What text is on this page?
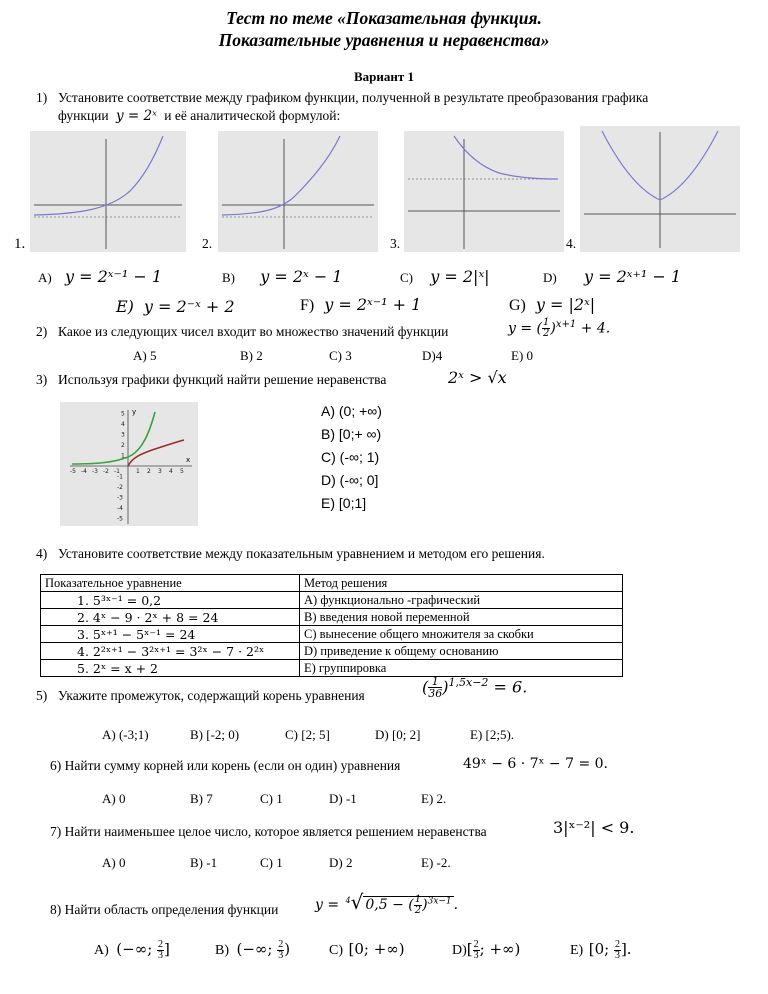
Тест по теме «Показательная функция.
Показательные уравнения и неравенства»
Вариант 1
1) Установите соответствие между графиком функции, полученной в результате преобразования графика
функции y = 2ˣ и её аналитической формулой:
1.	2.	3.	4.
A) y = 2ˣ⁻¹ − 1	B) y = 2ˣ − 1	C) y = 2|ˣ|	D) y = 2ˣ⁺¹ − 1
E) y = 2⁻ˣ + 2	F) y = 2ˣ⁻¹ + 1	G) y = |2ˣ|
2) Какое из следующих чисел входит во множество значений функции	y = ( $\frac{1}{2} )^{x+1} + 4$.
A) 5	B) 2	C) 3	D)4	E) 0
3) Используя графики функций найти решение неравенства	2ˣ > √x
y
x
-5 -4 -3 -2 -1	1 2 3 4 5
5
4
3
2
1
-1
-2
-3
-4
-5
A) (0; +∞)
B) [0;+ ∞)
C) (-∞; 1)
D) (-∞; 0]
E) [0;1]
4) Установите соответствие между показательным уравнением и методом его решения.
Показательное уравнение	Метод решения
1. 5³ˣ⁻¹ = 0,2	A) функционально -графический
2. 4ˣ − 9 · 2ˣ + 8 = 24	B) введения новой переменной
3. 5ˣ⁺¹ − 5ˣ⁻¹ = 24	C) вынесение общего множителя за скобки
4. 2²ˣ⁺¹ − 3²ˣ⁺¹ = 3²ˣ − 7 · 2²ˣ	D) приведение к общему основанию
5. 2ˣ = x + 2	E) группировка
5) Укажите промежуток, содержащий корень уравнения	( $\frac{1}{36} )^{1,5x-2} = 6$.
A) (-3;1)	B) [-2; 0)	C) [2; 5]	D) [0; 2]	E) [2;5).
6) Найти сумму корней или корень (если он один) уравнения	49ˣ − 6 · 7ˣ − 7 = 0.
A) 0	B) 7	C) 1	D) -1	E) 2.
7) Найти наименьшее целое число, которое является решением неравенства	3|ˣ⁻²| < 9.
A) 0	B) -1	C) 1	D) 2	E) -2.
8) Найти область определения функции	y = $^4$√ 0,5 − ( $\frac{1}{2} )^{3x-1}$ .
A) (−∞; $\frac{2}{3}$ ]	B) (−∞; $\frac{2}{3}$ )	C) [0; +∞)	$D)[ \frac{2}{3}$ ; +∞)	E) [0; $\frac{2}{3}$ ].
